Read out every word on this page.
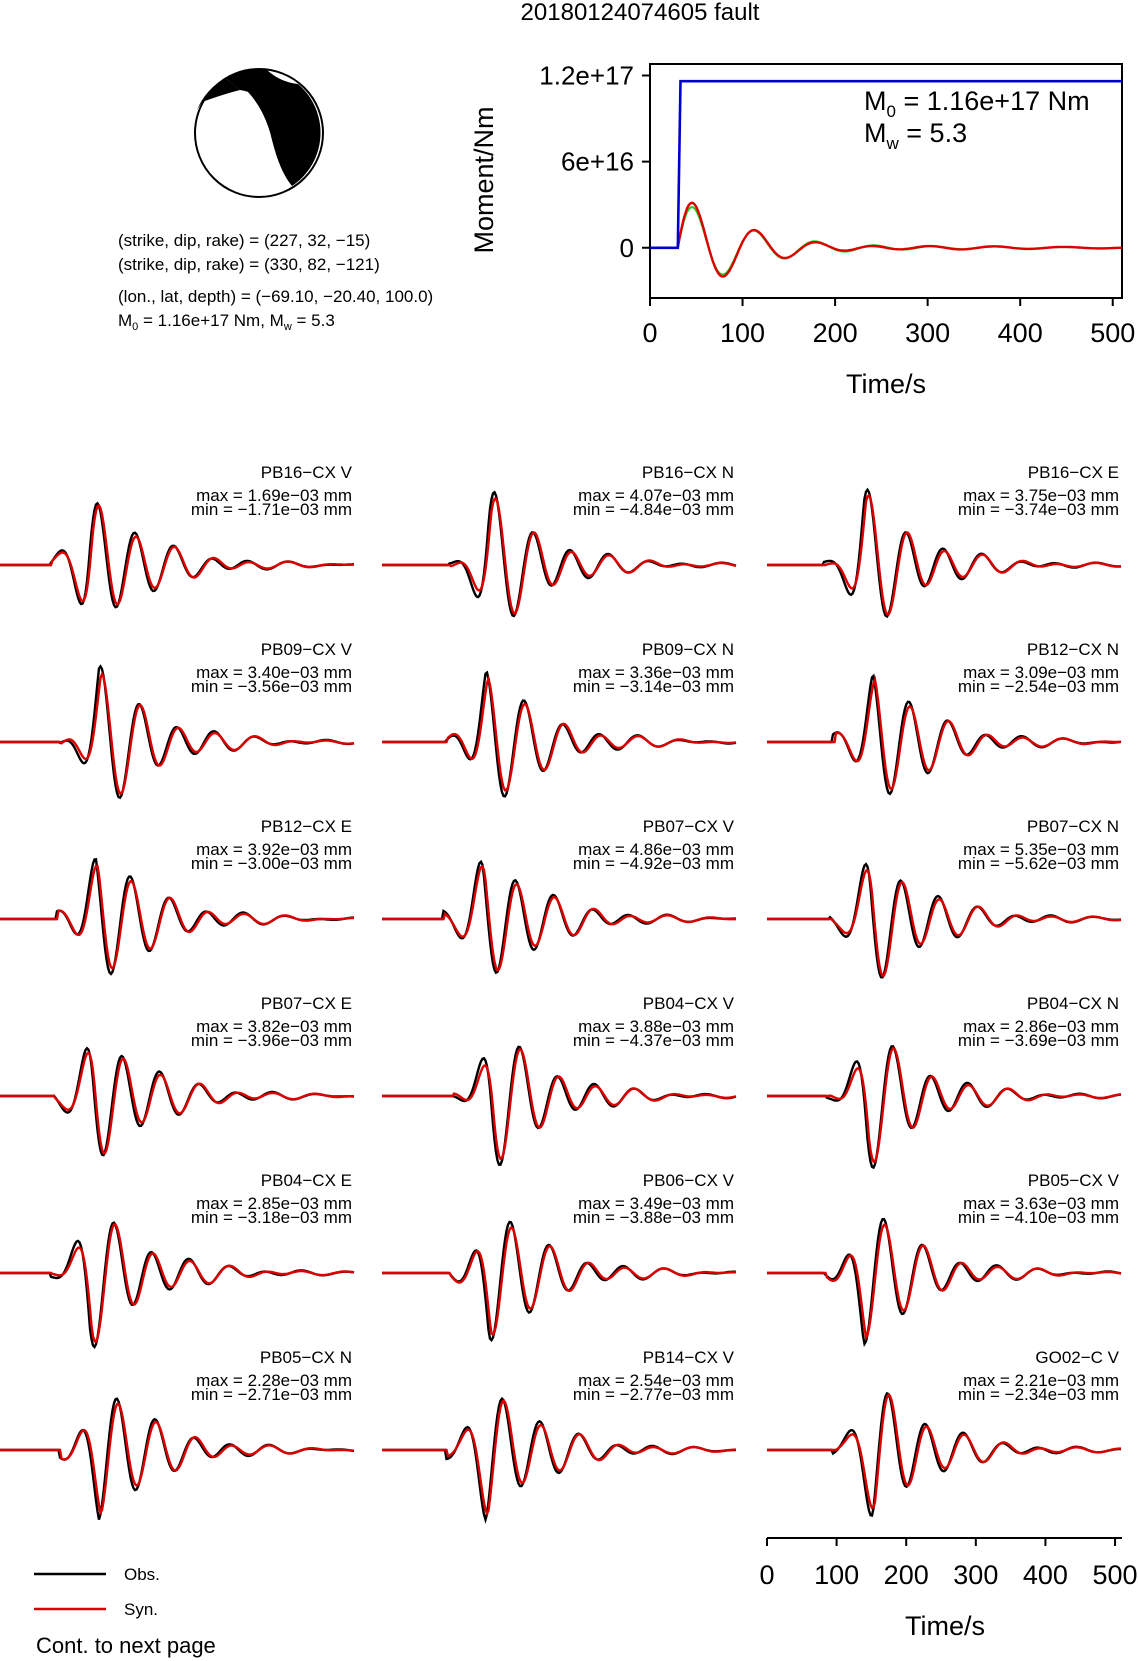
20180124074605 fault
(strike, dip, rake) = (227, 32, −15)
(strike, dip, rake) = (330, 82, −121)
(lon., lat, depth) = (−69.10, −20.40, 100.0)
$M_0 = 1.16e+17$ Nm, $M_w = 5.3$
1.2e+17
6e+16
0
0 100 200 300 400 500
Moment/Nm
Time/s
$M_0 = 1.16e+17$ Nm
$M_w = 5.3$
PB16−CX V
max = 1.69e−03 mm
min = −1.71e−03 mm
PB16−CX N
max = 4.07e−03 mm
min = −4.84e−03 mm
PB16−CX E
max = 3.75e−03 mm
min = −3.74e−03 mm
PB09−CX V
max = 3.40e−03 mm
min = −3.56e−03 mm
PB09−CX N
max = 3.36e−03 mm
min = −3.14e−03 mm
PB12−CX N
max = 3.09e−03 mm
min = −2.54e−03 mm
PB12−CX E
max = 3.92e−03 mm
min = −3.00e−03 mm
PB07−CX V
max = 4.86e−03 mm
min = −4.92e−03 mm
PB07−CX N
max = 5.35e−03 mm
min = −5.62e−03 mm
PB07−CX E
max = 3.82e−03 mm
min = −3.96e−03 mm
PB04−CX V
max = 3.88e−03 mm
min = −4.37e−03 mm
PB04−CX N
max = 2.86e−03 mm
min = −3.69e−03 mm
PB04−CX E
max = 2.85e−03 mm
min = −3.18e−03 mm
PB06−CX V
max = 3.49e−03 mm
min = −3.88e−03 mm
PB05−CX V
max = 3.63e−03 mm
min = −4.10e−03 mm
PB05−CX N
max = 2.28e−03 mm
min = −2.71e−03 mm
PB14−CX V
max = 2.54e−03 mm
min = −2.77e−03 mm
GO02−C V
max = 2.21e−03 mm
min = −2.34e−03 mm
Time/s
0 100 200 300 400 500
Obs.
Syn.
Cont. to next page
